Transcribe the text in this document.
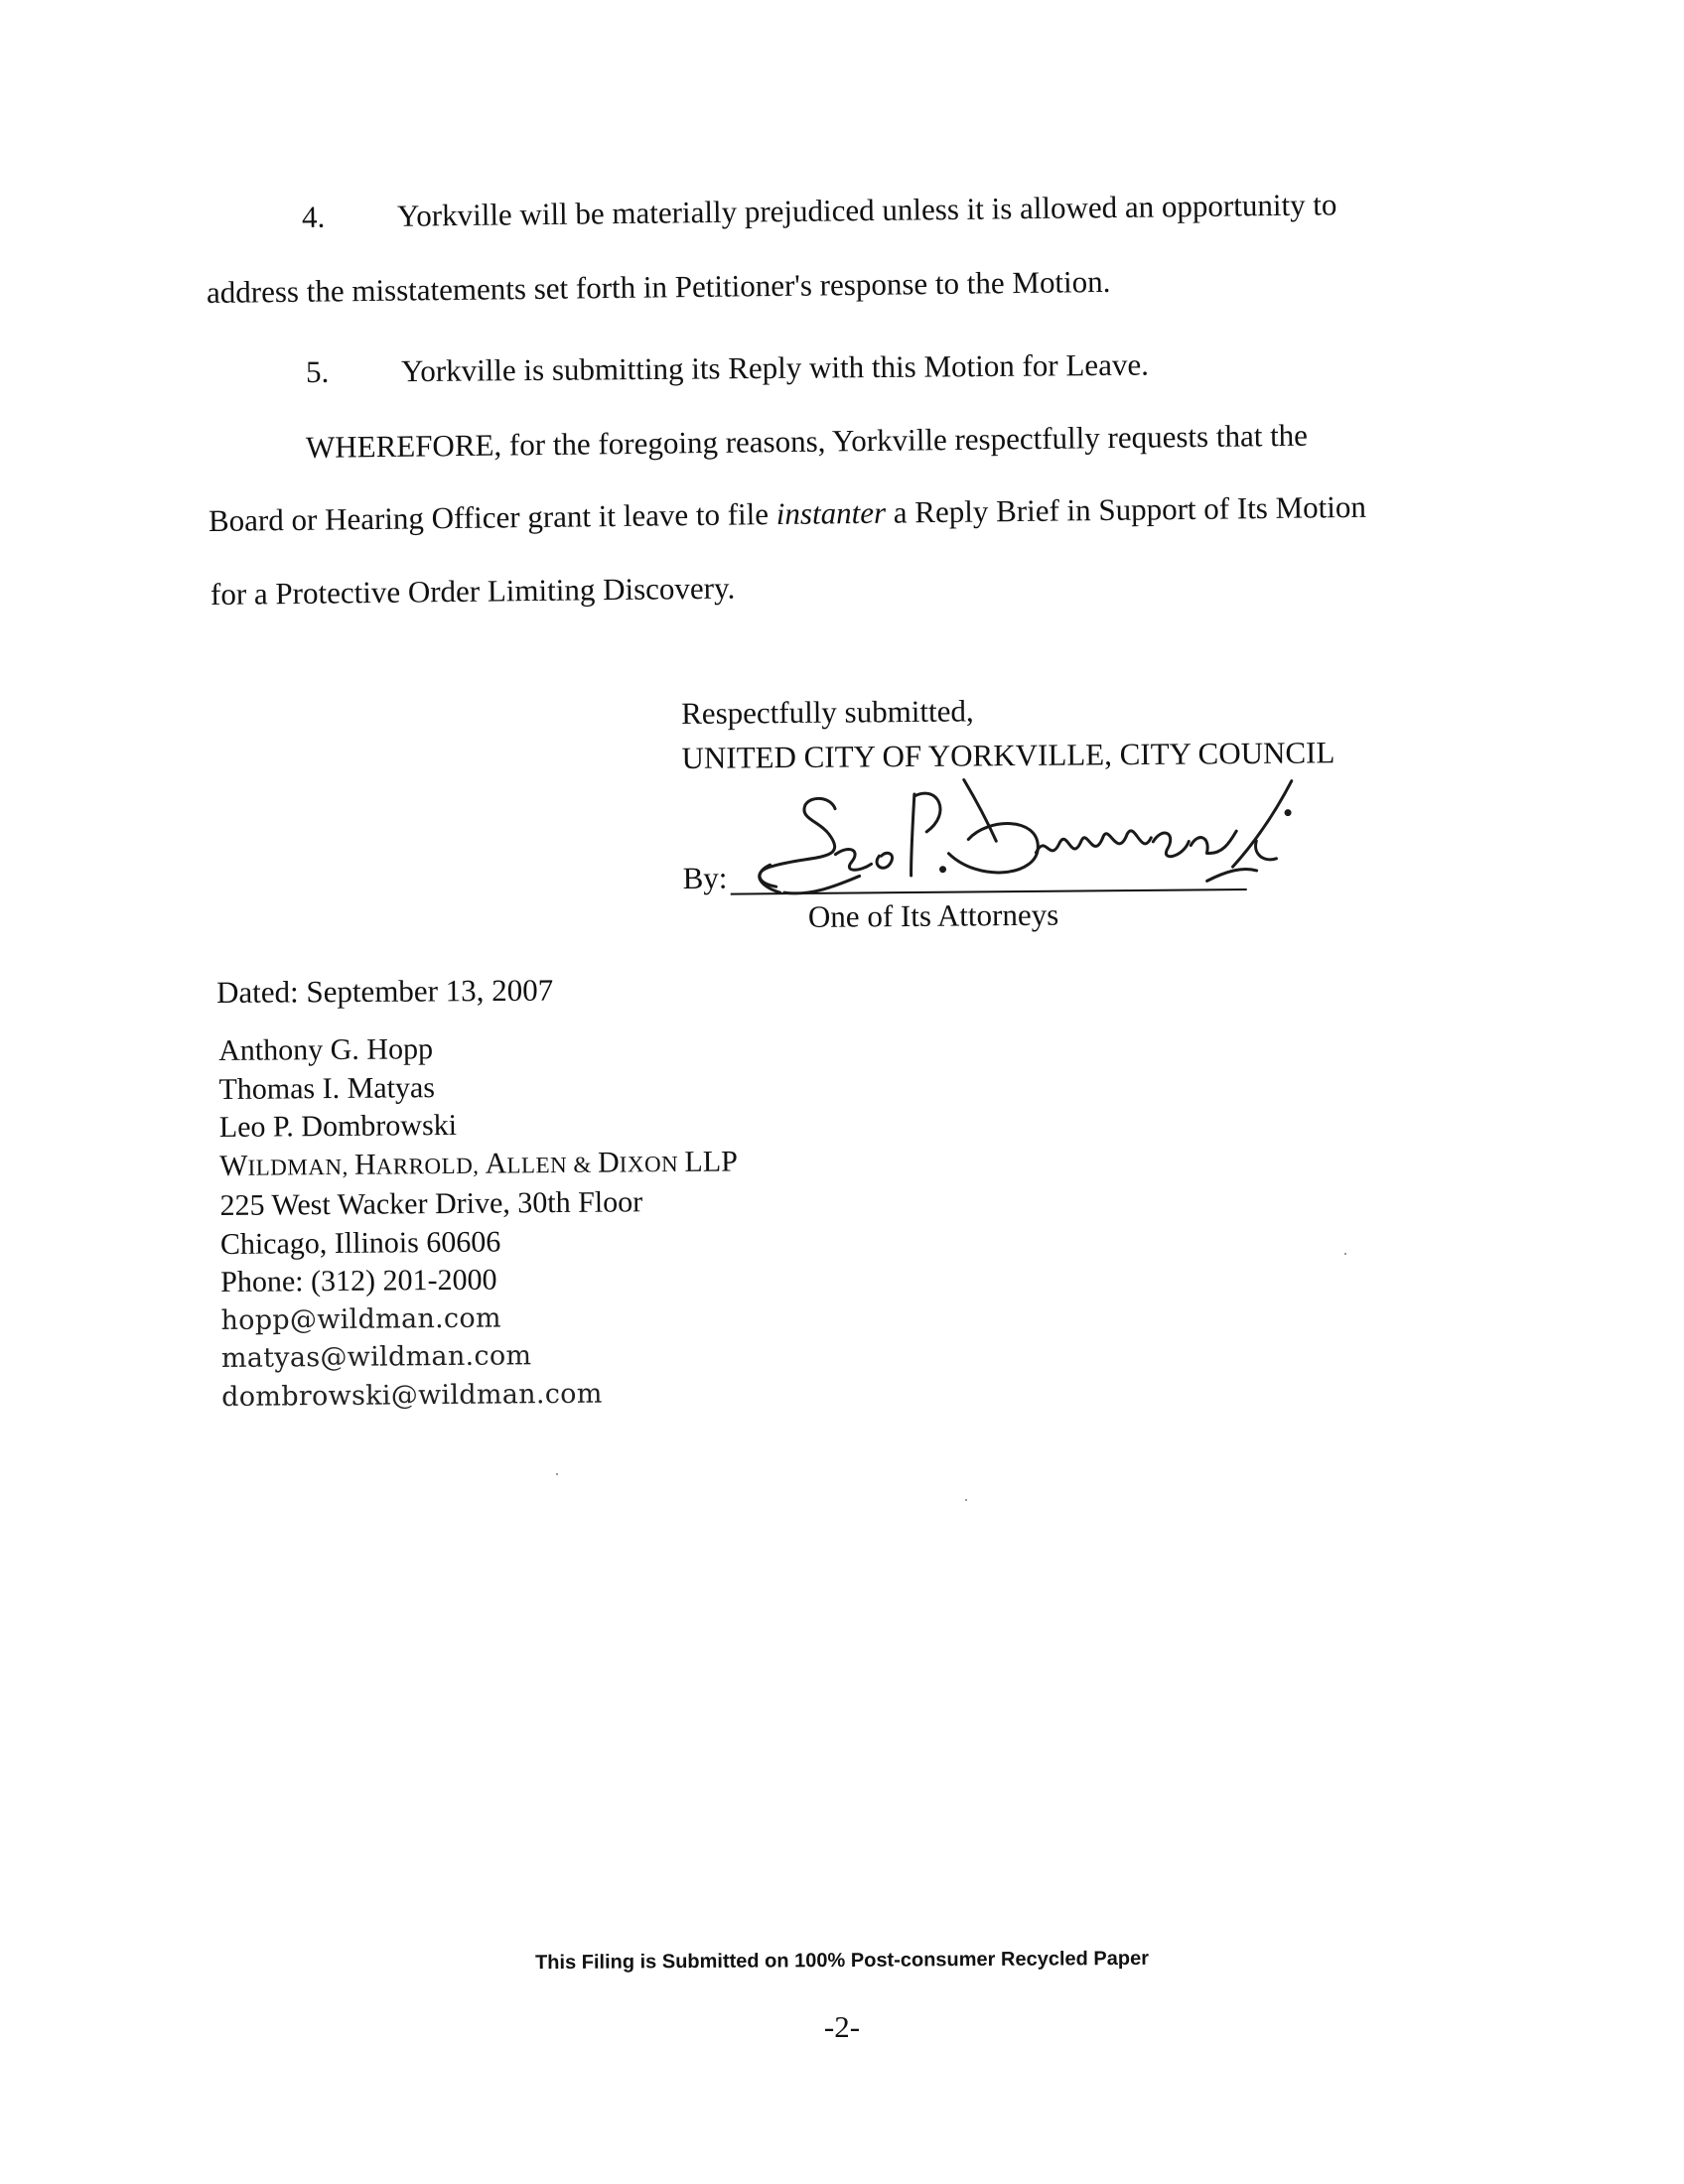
4. Yorkville will be materially prejudiced unless it is allowed an opportunity to
address the misstatements set forth in Petitioner's response to the Motion.
5. Yorkville is submitting its Reply with this Motion for Leave.
WHEREFORE, for the foregoing reasons, Yorkville respectfully requests that the
Board or Hearing Officer grant it leave to file instanter a Reply Brief in Support of Its Motion
for a Protective Order Limiting Discovery.
Respectfully submitted,
UNITED CITY OF YORKVILLE, CITY COUNCIL
By:
One of Its Attorneys
Dated: September 13, 2007
Anthony G. Hopp
Thomas I. Matyas
Leo P. Dombrowski
WILDMAN, HARROLD, ALLEN & DIXON LLP
225 West Wacker Drive, 30th Floor
Chicago, Illinois 60606
Phone: (312) 201-2000
hopp@wildman.com
matyas@wildman.com
dombrowski@wildman.com
This Filing is Submitted on 100% Post-consumer Recycled Paper
-2-
